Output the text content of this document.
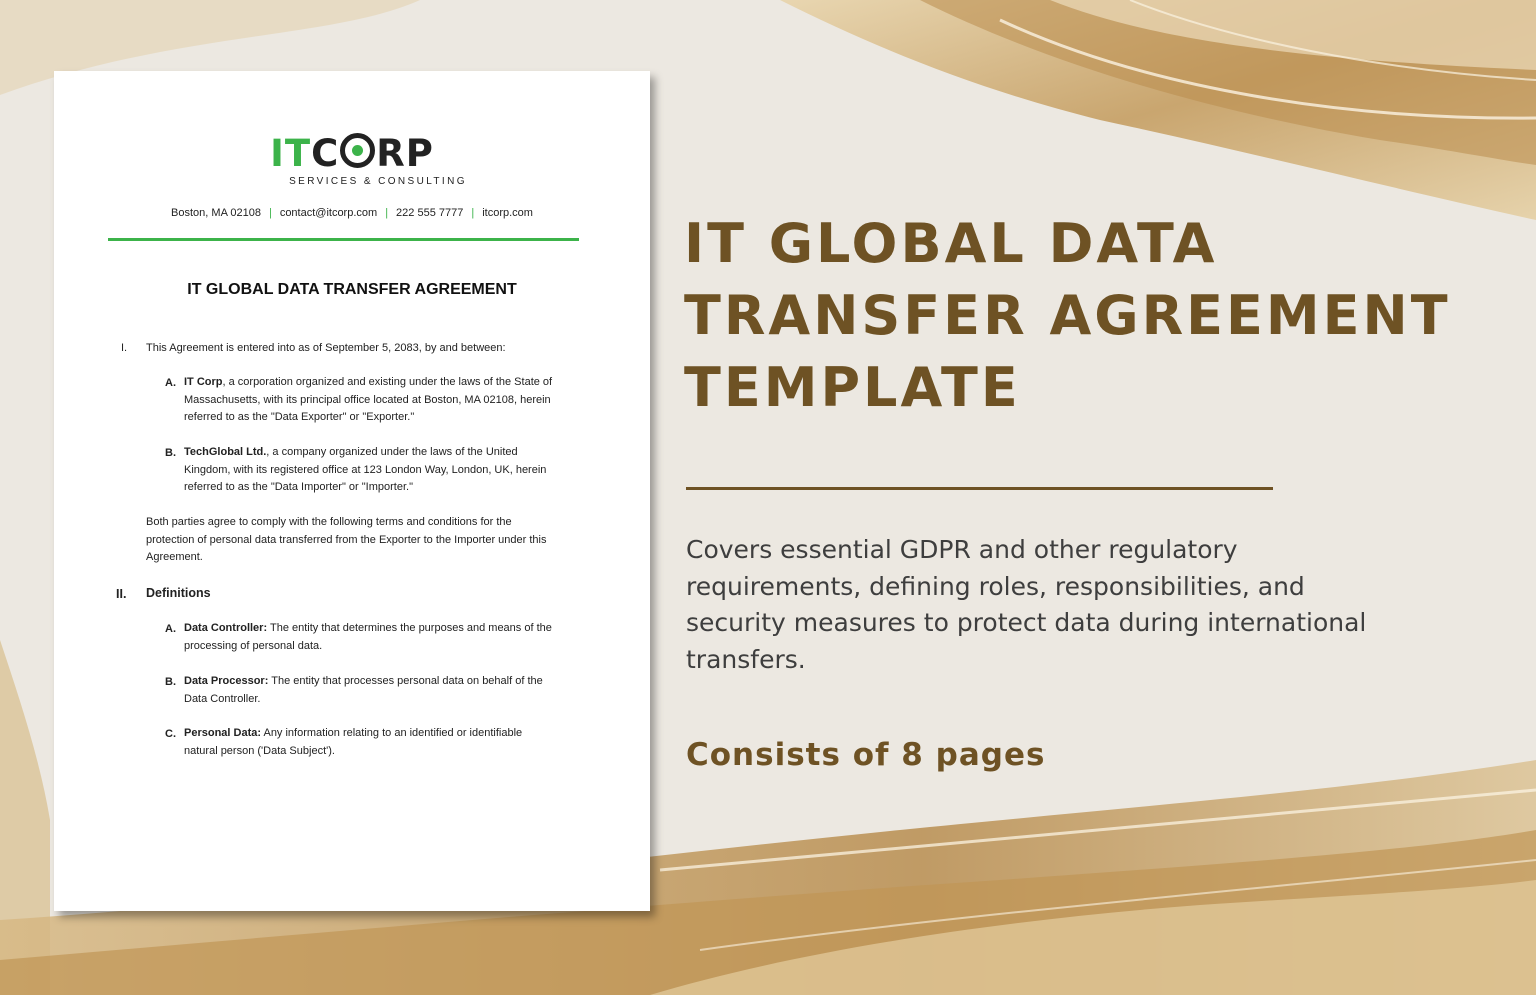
ITC RP
SERVICES & CONSULTING
Boston, MA 02108 | contact@itcorp.com | 222 555 7777 | itcorp.com
IT GLOBAL DATA TRANSFER AGREEMENT
I. This Agreement is entered into as of September 5, 2083, by and between:
A. IT Corp, a corporation organized and existing under the laws of the State of
Massachusetts, with its principal office located at Boston, MA 02108, herein
referred to as the "Data Exporter" or "Exporter."
B. TechGlobal Ltd., a company organized under the laws of the United
Kingdom, with its registered office at 123 London Way, London, UK, herein
referred to as the "Data Importer" or "Importer."
Both parties agree to comply with the following terms and conditions for the
protection of personal data transferred from the Exporter to the Importer under this
Agreement.
II. Definitions
A. Data Controller: The entity that determines the purposes and means of the
processing of personal data.
B. Data Processor: The entity that processes personal data on behalf of the
Data Controller.
C. Personal Data: Any information relating to an identified or identifiable
natural person ('Data Subject').
IT GLOBAL DATA
TRANSFER AGREEMENT
TEMPLATE
Covers essential GDPR and other regulatory
requirements, defining roles, responsibilities, and
security measures to protect data during international
transfers.
Consists of 8 pages
